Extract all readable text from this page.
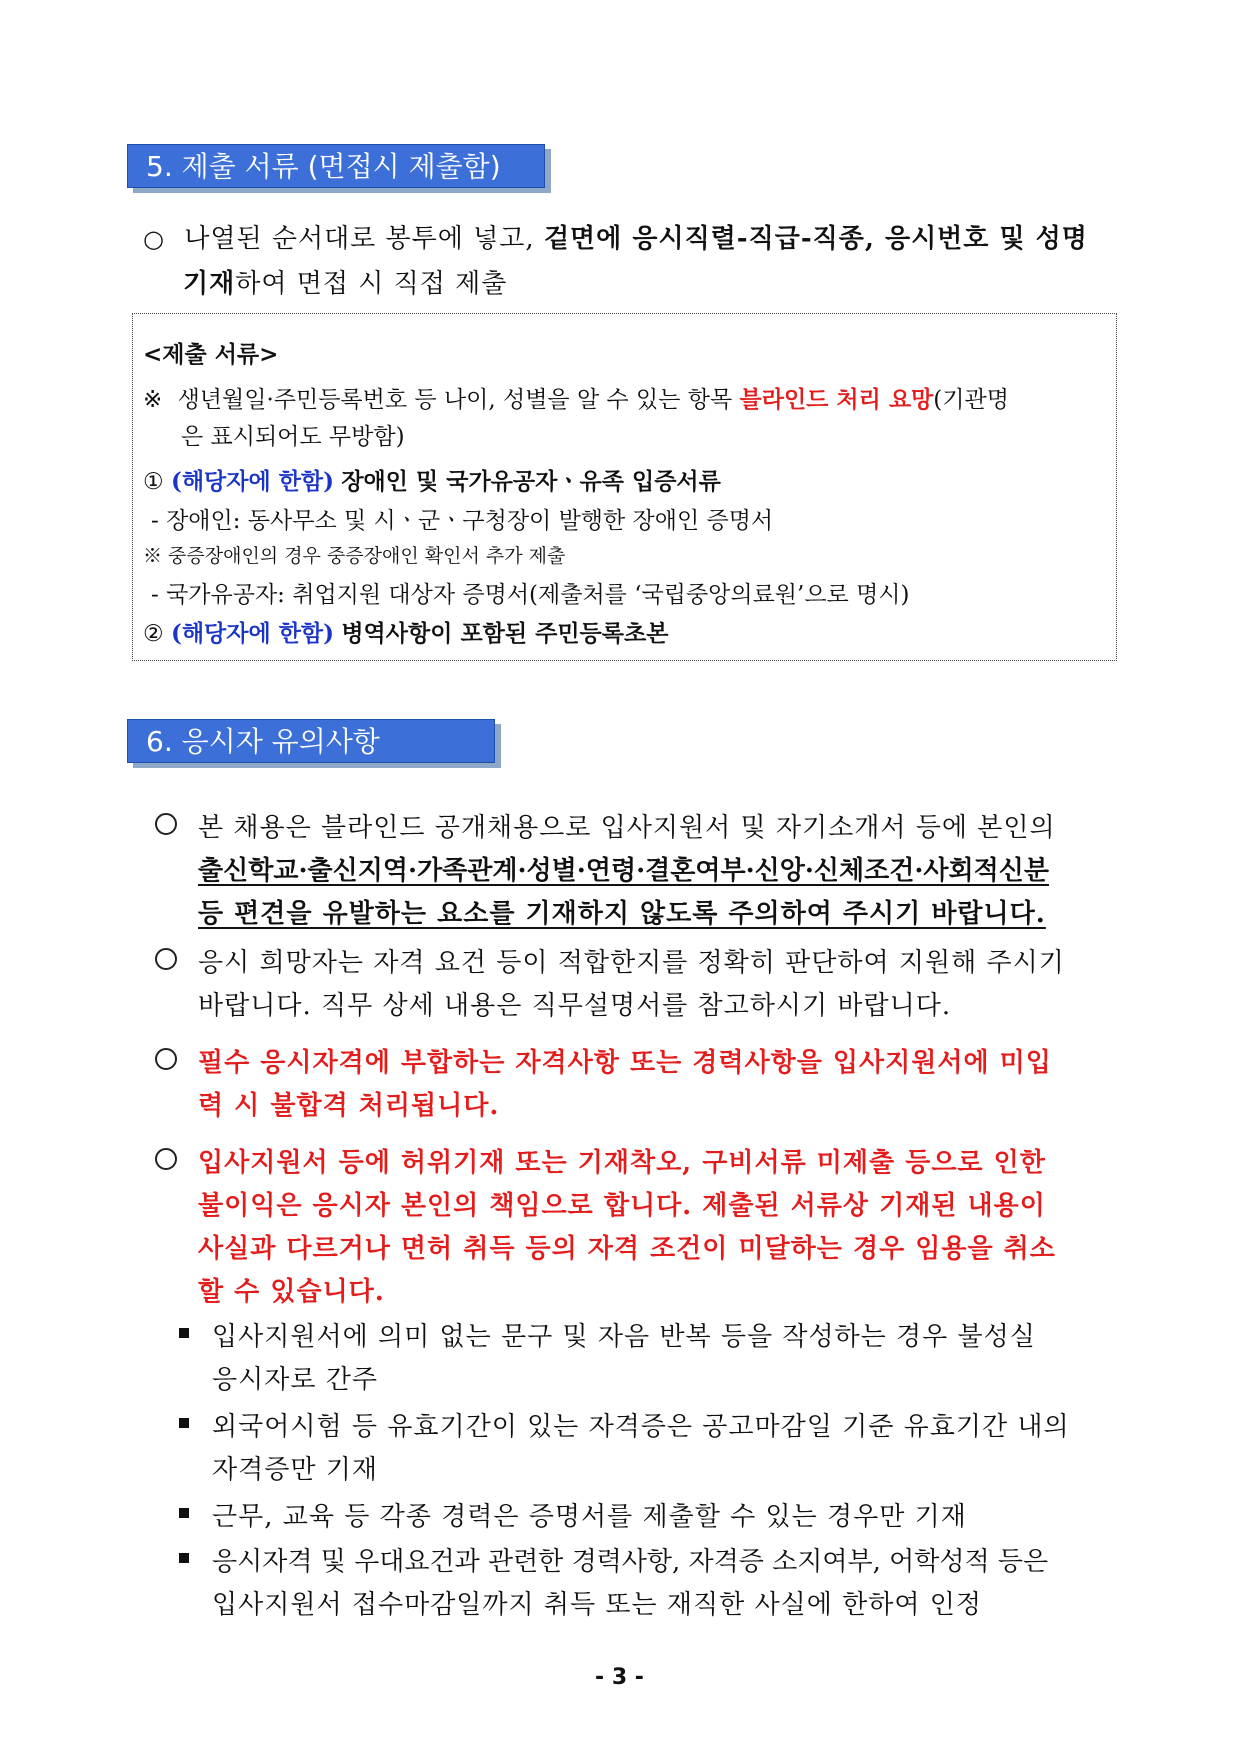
5. 제출 서류 (면접시 제출함)
○ 나열된 순서대로 봉투에 넣고, 겉면에 응시직렬-직급-직종, 응시번호 및 성명
기재하여 면접 시 직접 제출
<제출 서류>
※ 생년월일·주민등록번호 등 나이, 성별을 알 수 있는 항목 블라인드 처리 요망(기관명
은 표시되어도 무방함)
① (해당자에 한함) 장애인 및 국가유공자ㆍ유족 입증서류
- 장애인: 동사무소 및 시ㆍ군ㆍ구청장이 발행한 장애인 증명서
※ 중증장애인의 경우 중증장애인 확인서 추가 제출
- 국가유공자: 취업지원 대상자 증명서(제출처를 ‘국립중앙의료원’으로 명시)
② (해당자에 한함) 병역사항이 포함된 주민등록초본
6. 응시자 유의사항
본 채용은 블라인드 공개채용으로 입사지원서 및 자기소개서 등에 본인의
출신학교·출신지역·가족관계·성별·연령·결혼여부·신앙·신체조건·사회적신분
등 편견을 유발하는 요소를 기재하지 않도록 주의하여 주시기 바랍니다.
응시 희망자는 자격 요건 등이 적합한지를 정확히 판단하여 지원해 주시기
바랍니다. 직무 상세 내용은 직무설명서를 참고하시기 바랍니다.
필수 응시자격에 부합하는 자격사항 또는 경력사항을 입사지원서에 미입
력 시 불합격 처리됩니다.
입사지원서 등에 허위기재 또는 기재착오, 구비서류 미제출 등으로 인한
불이익은 응시자 본인의 책임으로 합니다. 제출된 서류상 기재된 내용이
사실과 다르거나 면허 취득 등의 자격 조건이 미달하는 경우 임용을 취소
할 수 있습니다.
입사지원서에 의미 없는 문구 및 자음 반복 등을 작성하는 경우 불성실
응시자로 간주
외국어시험 등 유효기간이 있는 자격증은 공고마감일 기준 유효기간 내의
자격증만 기재
근무, 교육 등 각종 경력은 증명서를 제출할 수 있는 경우만 기재
응시자격 및 우대요건과 관련한 경력사항, 자격증 소지여부, 어학성적 등은
입사지원서 접수마감일까지 취득 또는 재직한 사실에 한하여 인정
- 3 -
